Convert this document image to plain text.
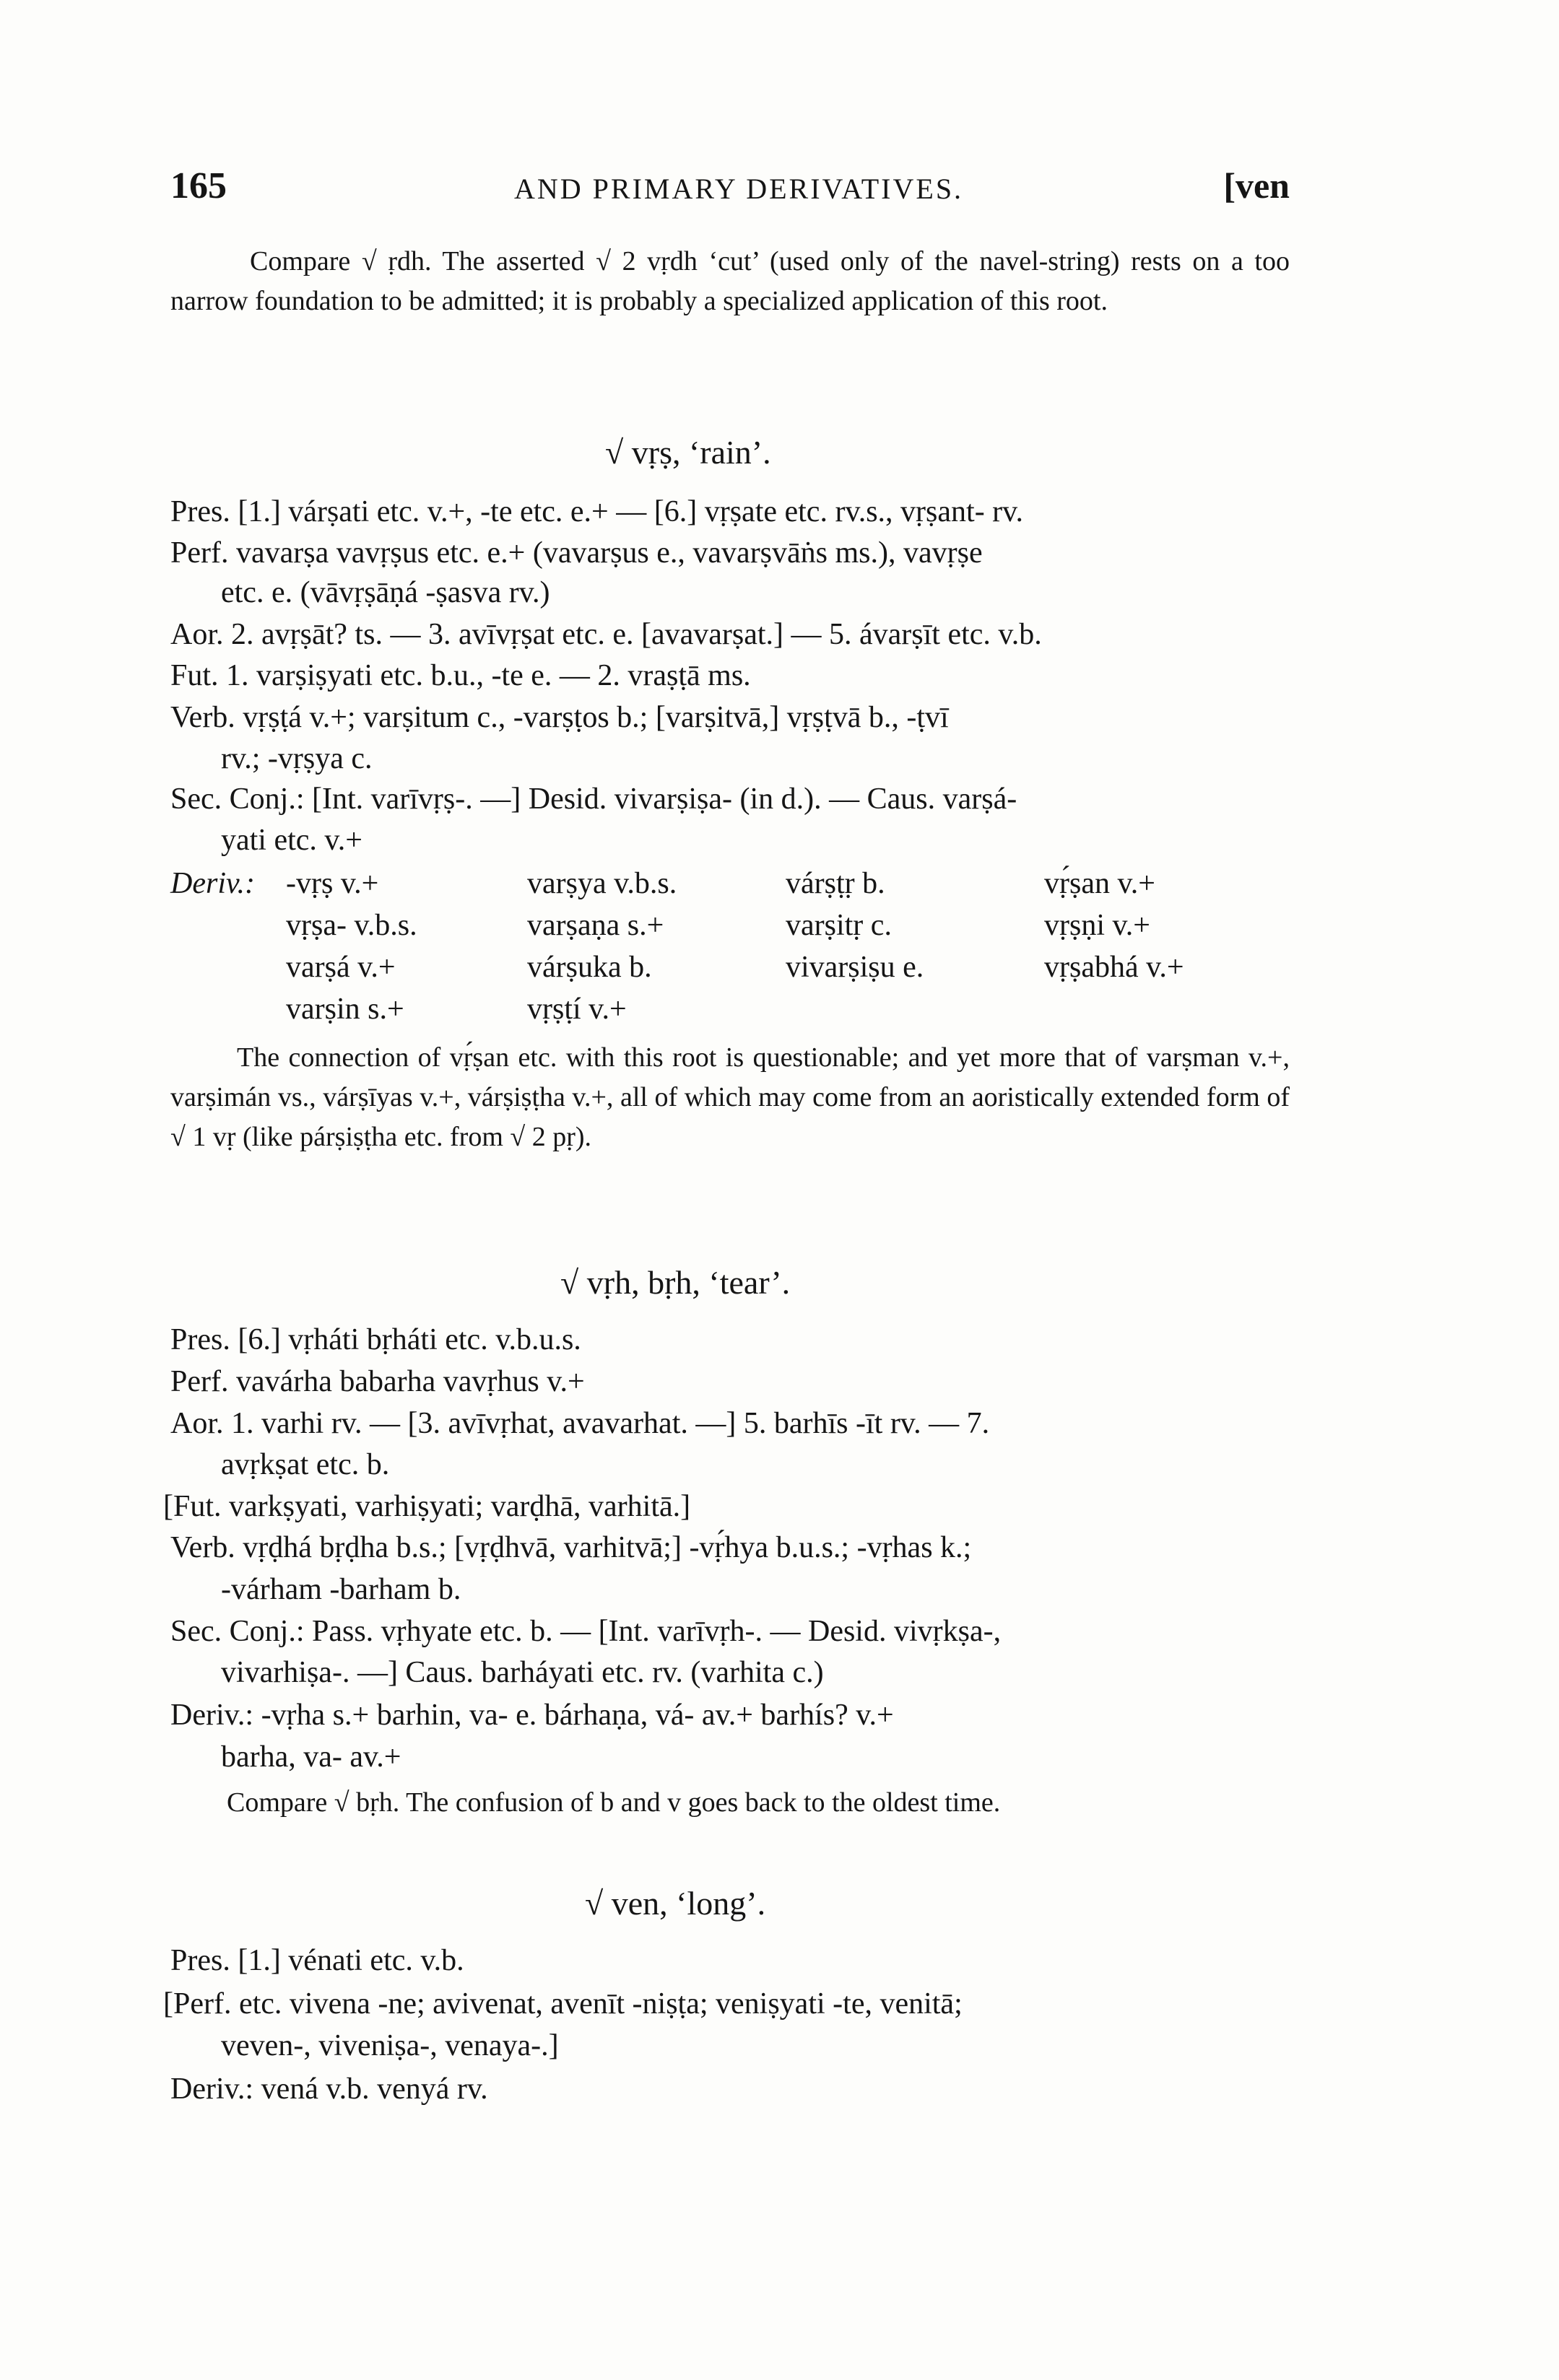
165	AND PRIMARY DERIVATIVES.	[ven
Compare √ ṛdh. The asserted √ 2 vṛdh ‘cut’ (used only of the navel-string) rests on a too narrow foundation to be admitted; it is probably a specialized application of this root.
√ vṛṣ, ‘rain’.
Pres. [1.] várṣati etc. v.+, -te etc. e.+ — [6.] vṛṣate etc. rv.s., vṛṣant- rv.
Perf. vavarṣa vavṛṣus etc. e.+ (vavarṣus e., vavarṣvāṅs ms.), vavṛṣe
etc. e. (vāvṛṣāṇá -ṣasva rv.)
Aor. 2. avṛṣāt? ts. — 3. avīvṛṣat etc. e. [avavarṣat.] — 5. ávarṣīt etc. v.b.
Fut. 1. varṣiṣyati etc. b.u., -te e. — 2. vraṣṭā ms.
Verb. vṛṣṭá v.+; varṣitum c., -varṣṭos b.; [varṣitvā,] vṛṣṭvā b., -ṭvī
rv.; -vṛṣya c.
Sec. Conj.: [Int. varīvṛṣ-. —] Desid. vivarṣiṣa- (in d.). — Caus. varṣá-
yati etc. v.+
Deriv.: -vṛṣ v.+	varṣya v.b.s.	várṣṭṛ b.	vṛ́ṣan v.+
vṛṣa- v.b.s.	varṣaṇa s.+	varṣitṛ c.	vṛṣṇi v.+
varṣá v.+	várṣuka b.	vivarṣiṣu e.	vṛṣabhá v.+
varṣin s.+	vṛṣṭí v.+
The connection of vṛ́ṣan etc. with this root is questionable; and yet more that of varṣman v.+, varṣimán vs., várṣīyas v.+, várṣiṣṭha v.+, all of which may come from an aoristically extended form of √ 1 vṛ (like párṣiṣṭha etc. from √ 2 pṛ).
√ vṛh, bṛh, ‘tear’.
Pres. [6.] vṛháti bṛháti etc. v.b.u.s.
Perf. vavárha babarha vavṛhus v.+
Aor. 1. varhi rv. — [3. avīvṛhat, avavarhat. —] 5. barhīs -īt rv. — 7.
avṛkṣat etc. b.
[Fut. varkṣyati, varhiṣyati; varḍhā, varhitā.]
Verb. vṛḍhá bṛḍha b.s.; [vṛḍhvā, varhitvā;] -vṛ́hya b.u.s.; -vṛhas k.;
-várham -barham b.
Sec. Conj.: Pass. vṛhyate etc. b. — [Int. varīvṛh-. — Desid. vivṛkṣa-,
vivarhiṣa-. —] Caus. barháyati etc. rv. (varhita c.)
Deriv.: -vṛha s.+ barhin, va- e. bárhaṇa, vá- av.+ barhís? v.+
barha, va- av.+
Compare √ bṛh. The confusion of b and v goes back to the oldest time.
√ ven, ‘long’.
Pres. [1.] vénati etc. v.b.
[Perf. etc. vivena -ne; avivenat, avenīt -niṣṭa; veniṣyati -te, venitā;
veven-, viveniṣa-, venaya-.]
Deriv.: vená v.b. venyá rv.
